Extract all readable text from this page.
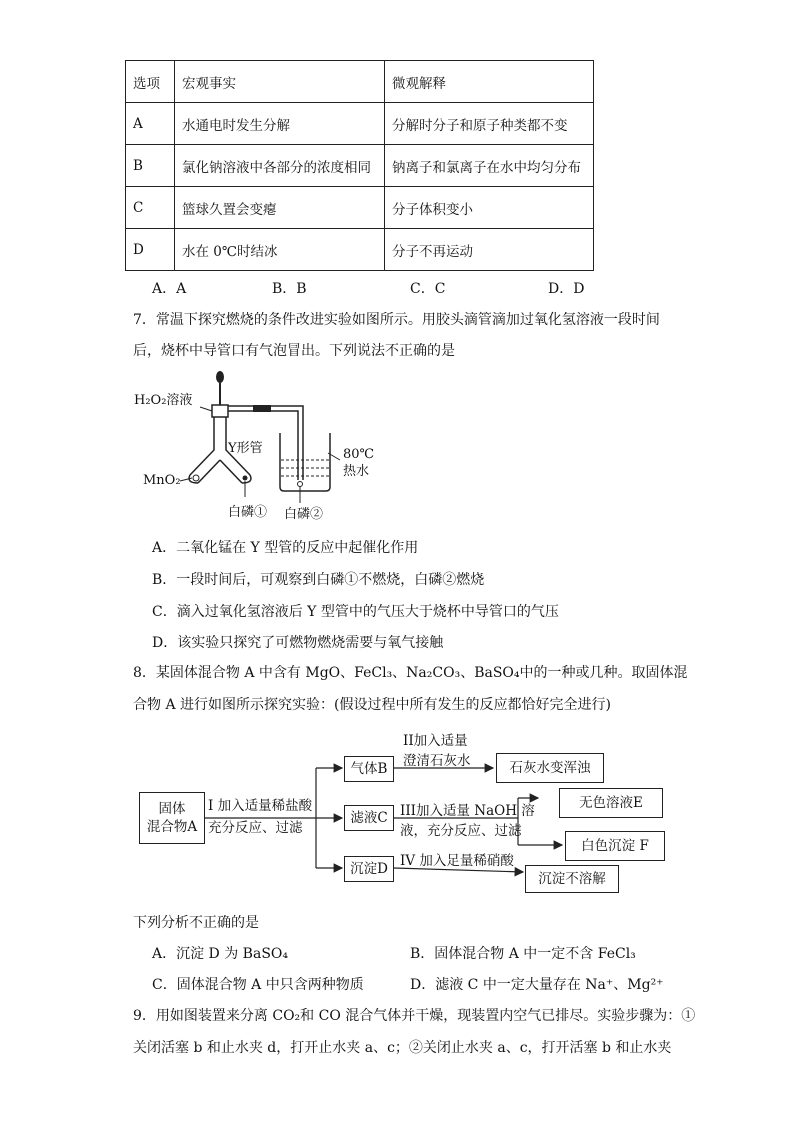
选项	宏观事实	微观解释
A	水通电时发生分解	分解时分子和原子种类都不变
B	氯化钠溶液中各部分的浓度相同	钠离子和氯离子在水中均匀分布
C	篮球久置会变瘪	分子体积变小
D	水在 0℃时结冰	分子不再运动
A．A	B．B	C．C	D．D
7．常温下探究燃烧的条件改进实验如图所示。用胶头滴管滴加过氧化氢溶液一段时间
后，烧杯中导管口有气泡冒出。下列说法不正确的是
H₂O₂溶液
Y形管
MnO₂
80℃
热水
白磷① 白磷②
A．二氧化锰在 Y 型管的反应中起催化作用
B．一段时间后，可观察到白磷①不燃烧，白磷②燃烧
C．滴入过氧化氢溶液后 Y 型管中的气压大于烧杯中导管口的气压
D．该实验只探究了可燃物燃烧需要与氧气接触
8．某固体混合物 A 中含有 MgO、FeCl₃、Na₂CO₃、BaSO₄中的一种或几种。取固体混
合物 A 进行如图所示探究实验：(假设过程中所有发生的反应都恰好完全进行)
固体
混合物A
I 加入适量稀盐酸
充分反应、过滤
气体B
II加入适量
澄清石灰水	石灰水变浑浊
滤液C III加入适量 NaOH 溶
液，充分反应、过滤
无色溶液E
白色沉淀 F
沉淀D IV 加入足量稀硝酸
沉淀不溶解
下列分析不正确的是
A．沉淀 D 为 BaSO₄	B．固体混合物 A 中一定不含 FeCl₃
C．固体混合物 A 中只含两种物质	D．滤液 C 中一定大量存在 Na⁺、Mg²⁺
9．用如图装置来分离 CO₂和 CO 混合气体并干燥，现装置内空气已排尽。实验步骤为：①
关闭活塞 b 和止水夹 d，打开止水夹 a、c；②关闭止水夹 a、c，打开活塞 b 和止水夹
